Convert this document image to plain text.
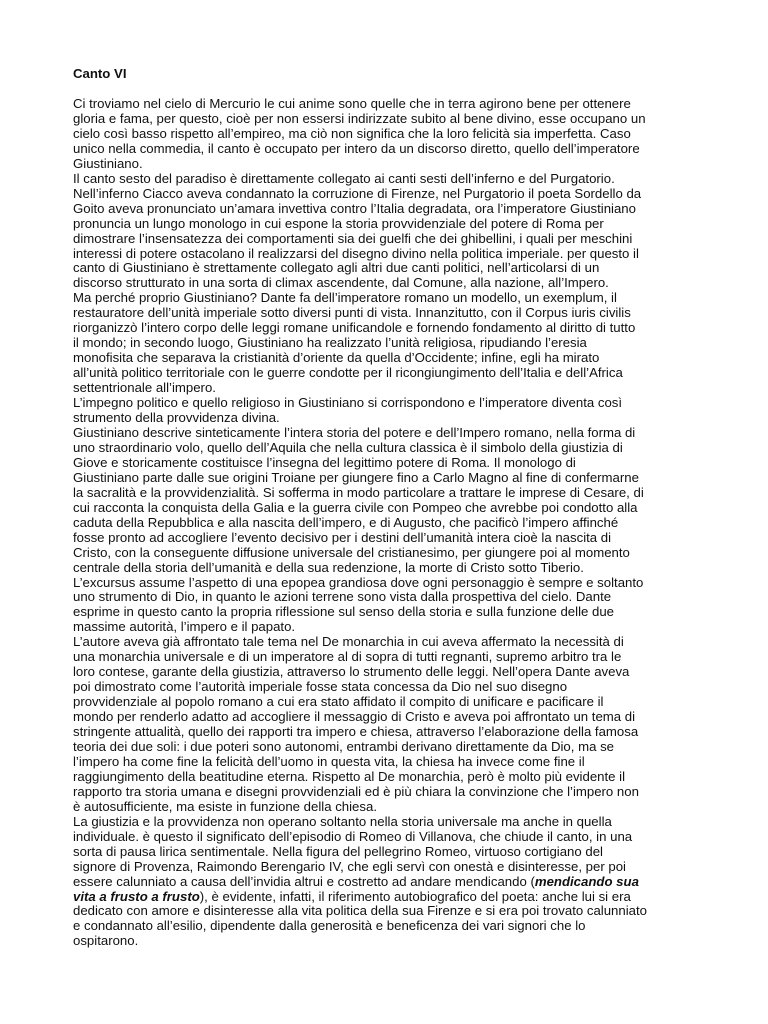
Canto VI
Ci troviamo nel cielo di Mercurio le cui anime sono quelle che in terra agirono bene per ottenere
gloria e fama, per questo, cioè per non essersi indirizzate subito al bene divino, esse occupano un
cielo così basso rispetto all’empireo, ma ciò non significa che la loro felicità sia imperfetta. Caso
unico nella commedia, il canto è occupato per intero da un discorso diretto, quello dell’imperatore
Giustiniano.
Il canto sesto del paradiso è direttamente collegato ai canti sesti dell’inferno e del Purgatorio.
Nell’inferno Ciacco aveva condannato la corruzione di Firenze, nel Purgatorio il poeta Sordello da
Goito aveva pronunciato un’amara invettiva contro l’Italia degradata, ora l’imperatore Giustiniano
pronuncia un lungo monologo in cui espone la storia provvidenziale del potere di Roma per
dimostrare l’insensatezza dei comportamenti sia dei guelfi che dei ghibellini, i quali per meschini
interessi di potere ostacolano il realizzarsi del disegno divino nella politica imperiale. per questo il
canto di Giustiniano è strettamente collegato agli altri due canti politici, nell’articolarsi di un
discorso strutturato in una sorta di climax ascendente, dal Comune, alla nazione, all’Impero.
Ma perché proprio Giustiniano? Dante fa dell’imperatore romano un modello, un exemplum, il
restauratore dell’unità imperiale sotto diversi punti di vista. Innanzitutto, con il Corpus iuris civilis
riorganizzò l’intero corpo delle leggi romane unificandole e fornendo fondamento al diritto di tutto
il mondo; in secondo luogo, Giustiniano ha realizzato l’unità religiosa, ripudiando l’eresia
monofisita che separava la cristianità d’oriente da quella d’Occidente; infine, egli ha mirato
all’unità politico territoriale con le guerre condotte per il ricongiungimento dell’Italia e dell’Africa
settentrionale all’impero.
L’impegno politico e quello religioso in Giustiniano si corrispondono e l’imperatore diventa così
strumento della provvidenza divina.
Giustiniano descrive sinteticamente l’intera storia del potere e dell’Impero romano, nella forma di
uno straordinario volo, quello dell’Aquila che nella cultura classica è il simbolo della giustizia di
Giove e storicamente costituisce l’insegna del legittimo potere di Roma. Il monologo di
Giustiniano parte dalle sue origini Troiane per giungere fino a Carlo Magno al fine di confermarne
la sacralità e la provvidenzialità. Si sofferma in modo particolare a trattare le imprese di Cesare, di
cui racconta la conquista della Galia e la guerra civile con Pompeo che avrebbe poi condotto alla
caduta della Repubblica e alla nascita dell’impero, e di Augusto, che pacificò l’impero affinché
fosse pronto ad accogliere l’evento decisivo per i destini dell’umanità intera cioè la nascita di
Cristo, con la conseguente diffusione universale del cristianesimo, per giungere poi al momento
centrale della storia dell’umanità e della sua redenzione, la morte di Cristo sotto Tiberio.
L’excursus assume l’aspetto di una epopea grandiosa dove ogni personaggio è sempre e soltanto
uno strumento di Dio, in quanto le azioni terrene sono vista dalla prospettiva del cielo. Dante
esprime in questo canto la propria riflessione sul senso della storia e sulla funzione delle due
massime autorità, l’impero e il papato.
L’autore aveva già affrontato tale tema nel De monarchia in cui aveva affermato la necessità di
una monarchia universale e di un imperatore al di sopra di tutti regnanti, supremo arbitro tra le
loro contese, garante della giustizia, attraverso lo strumento delle leggi. Nell’opera Dante aveva
poi dimostrato come l’autorità imperiale fosse stata concessa da Dio nel suo disegno
provvidenziale al popolo romano a cui era stato affidato il compito di unificare e pacificare il
mondo per renderlo adatto ad accogliere il messaggio di Cristo e aveva poi affrontato un tema di
stringente attualità, quello dei rapporti tra impero e chiesa, attraverso l’elaborazione della famosa
teoria dei due soli: i due poteri sono autonomi, entrambi derivano direttamente da Dio, ma se
l’impero ha come fine la felicità dell’uomo in questa vita, la chiesa ha invece come fine il
raggiungimento della beatitudine eterna. Rispetto al De monarchia, però è molto più evidente il
rapporto tra storia umana e disegni provvidenziali ed è più chiara la convinzione che l’impero non
è autosufficiente, ma esiste in funzione della chiesa.
La giustizia e la provvidenza non operano soltanto nella storia universale ma anche in quella
individuale. è questo il significato dell’episodio di Romeo di Villanova, che chiude il canto, in una
sorta di pausa lirica sentimentale. Nella figura del pellegrino Romeo, virtuoso cortigiano del
signore di Provenza, Raimondo Berengario IV, che egli servì con onestà e disinteresse, per poi
essere calunniato a causa dell’invidia altrui e costretto ad andare mendicando (mendicando sua
vita a frusto a frusto), è evidente, infatti, il riferimento autobiografico del poeta: anche lui si era
dedicato con amore e disinteresse alla vita politica della sua Firenze e si era poi trovato calunniato
e condannato all’esilio, dipendente dalla generosità e beneficenza dei vari signori che lo
ospitarono.
